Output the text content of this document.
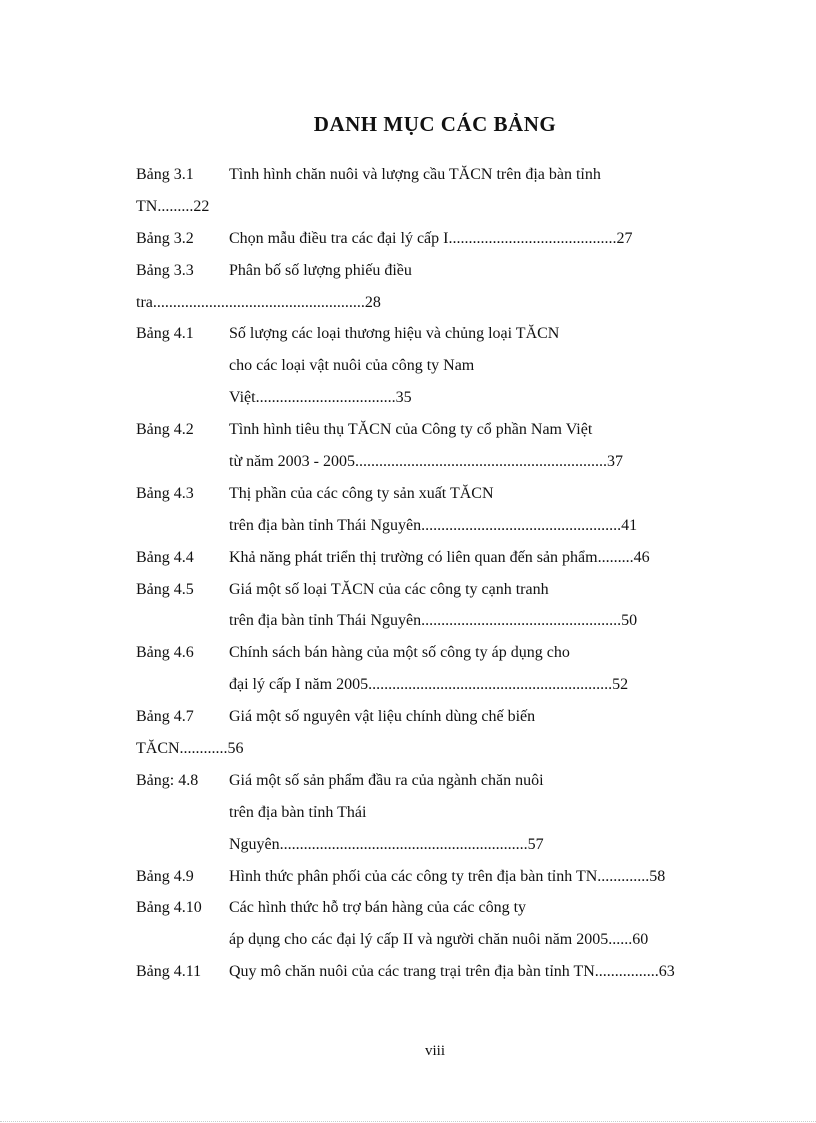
DANH MỤC CÁC BẢNG
Bảng 3.1 Tình hình chăn nuôi và lượng cầu TĂCN trên địa bàn tỉnh
TN.........22
Bảng 3.2 Chọn mẫu điều tra các đại lý cấp I..........................................27
Bảng 3.3 Phân bố số lượng phiếu điều
tra.....................................................28
Bảng 4.1 Số lượng các loại thương hiệu và chủng loại TĂCN
cho các loại vật nuôi của công ty Nam
Việt...................................35
Bảng 4.2 Tình hình tiêu thụ TĂCN của Công ty cổ phần Nam Việt
từ năm 2003 - 2005...............................................................37
Bảng 4.3 Thị phần của các công ty sản xuất TĂCN
trên địa bàn tỉnh Thái Nguyên..................................................41
Bảng 4.4 Khả năng phát triển thị trường có liên quan đến sản phẩm.........46
Bảng 4.5 Giá một số loại TĂCN của các công ty cạnh tranh
trên địa bàn tỉnh Thái Nguyên..................................................50
Bảng 4.6 Chính sách bán hàng của một số công ty áp dụng cho
đại lý cấp I năm 2005.............................................................52
Bảng 4.7 Giá một số nguyên vật liệu chính dùng chế biến
TĂCN............56
Bảng: 4.8 Giá một số sản phẩm đầu ra của ngành chăn nuôi
trên địa bàn tỉnh Thái
Nguyên..............................................................57
Bảng 4.9 Hình thức phân phối của các công ty trên địa bàn tỉnh TN.............58
Bảng 4.10 Các hình thức hỗ trợ bán hàng của các công ty
áp dụng cho các đại lý cấp II và người chăn nuôi năm 2005......60
Bảng 4.11 Quy mô chăn nuôi của các trang trại trên địa bàn tỉnh TN................63
viii
